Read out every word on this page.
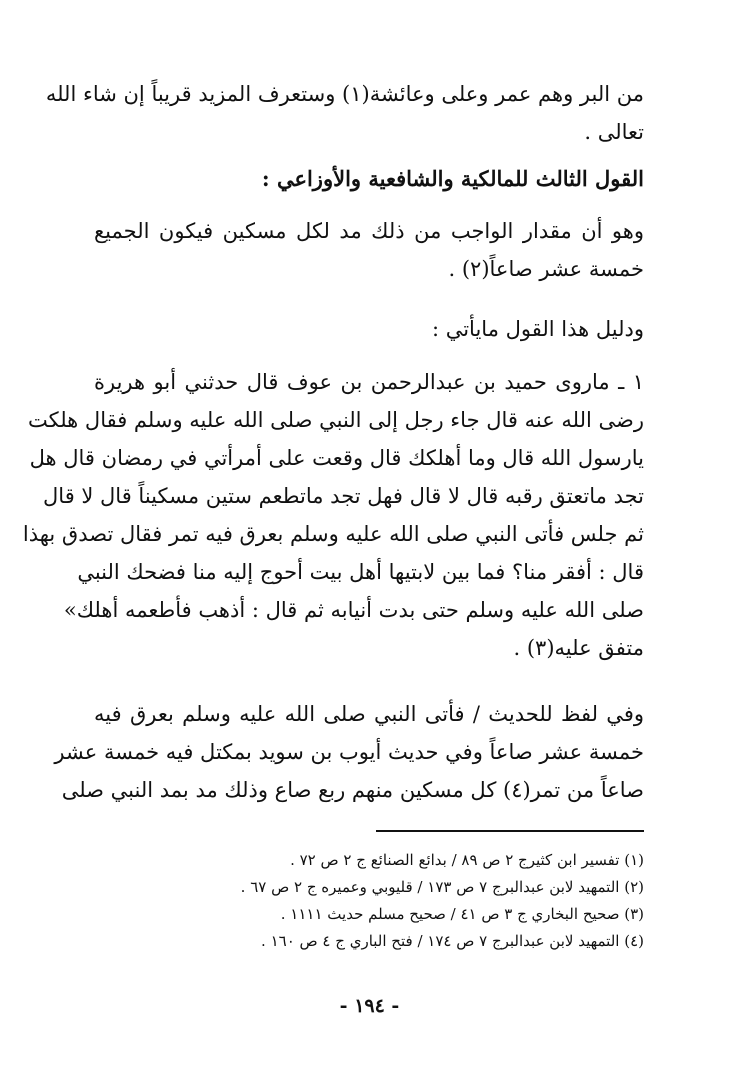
من البر وهم عمر وعلى وعائشة(١) وستعرف المزيد قريباً إن شاء الله
تعالى .
القول الثالث للمالكية والشافعية والأوزاعي :
وهو أن مقدار الواجب من ذلك مد لكل مسكين فيكون الجميع
خمسة عشر صاعاً(٢) .
ودليل هذا القول مايأتي :
١ ـ ماروى حميد بن عبدالرحمن بن عوف قال حدثني أبو هريرة
رضى الله عنه قال جاء رجل إلى النبي صلى الله عليه وسلم فقال هلكت
يارسول الله قال وما أهلكك قال وقعت على أمرأتي في رمضان قال هل
تجد ماتعتق رقبه قال لا قال فهل تجد ماتطعم ستين مسكيناً قال لا قال
ثم جلس فأتى النبي صلى الله عليه وسلم بعرق فيه تمر فقال تصدق بهذا
قال : أفقر منا؟ فما بين لابتيها أهل بيت أحوج إليه منا فضحك النبي
صلى الله عليه وسلم حتى بدت أنيابه ثم قال : أذهب فأطعمه أهلك»
متفق عليه(٣) .
وفي لفظ للحديث / فأتى النبي صلى الله عليه وسلم بعرق فيه
خمسة عشر صاعاً وفي حديث أيوب بن سويد بمكتل فيه خمسة عشر
صاعاً من تمر(٤) كل مسكين منهم ربع صاع وذلك مد بمد النبي صلى
(١) تفسير ابن كثيرج ٢ ص ٨٩ / بدائع الصنائع ج ٢ ص ٧٢ .
(٢) التمهيد لابن عبدالبرج ٧ ص ١٧٣ / قليوبي وعميره ج ٢ ص ٦٧ .
(٣) صحيح البخاري ج ٣ ص ٤١ / صحيح مسلم حديث ١١١١ .
(٤) التمهيد لابن عبدالبرج ٧ ص ١٧٤ / فتح الباري ج ٤ ص ١٦٠ .
- ١٩٤ -
